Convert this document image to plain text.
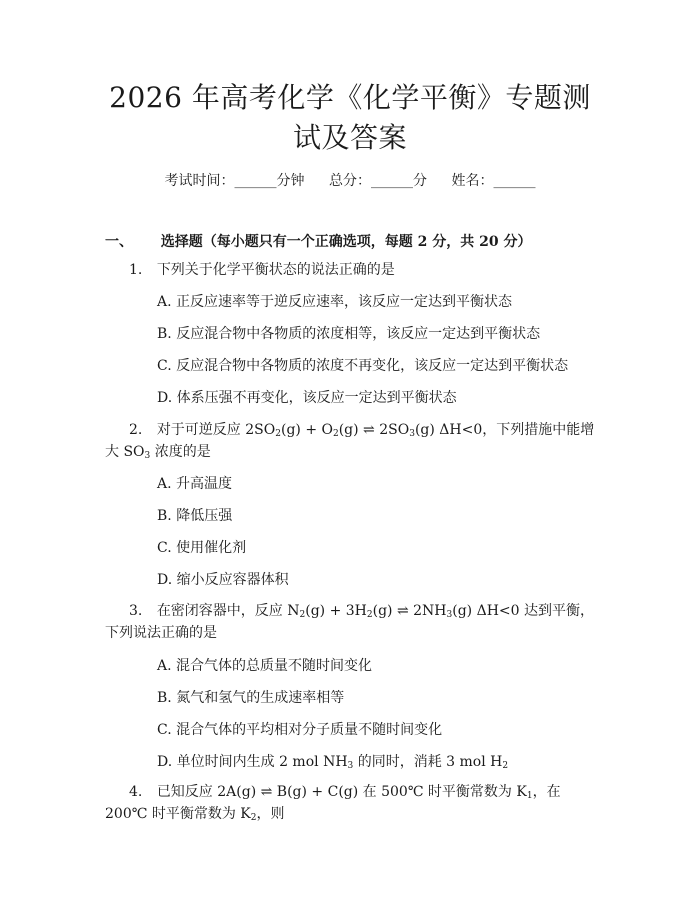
2026 年高考化学《化学平衡》专题测试及答案
考试时间：______分钟 总分：______分 姓名：______
一、 选择题（每小题只有一个正确选项，每题 2 分，共 20 分）
1. 下列关于化学平衡状态的说法正确的是
A. 正反应速率等于逆反应速率，该反应一定达到平衡状态
B. 反应混合物中各物质的浓度相等，该反应一定达到平衡状态
C. 反应混合物中各物质的浓度不再变化，该反应一定达到平衡状态
D. 体系压强不再变化，该反应一定达到平衡状态
2. 对于可逆反应 $2SO_2(g) + O_2(g)$ ⇌ $2SO_3(g)$ ΔH<0，下列措施中能增大 $SO_3$ 浓度的是
A. 升高温度
B. 降低压强
C. 使用催化剂
D. 缩小反应容器体积
3. 在密闭容器中，反应 $N_2(g) + 3H_2(g)$ ⇌ $2NH_3(g)$ ΔH<0 达到平衡，下列说法正确的是
A. 混合气体的总质量不随时间变化
B. 氮气和氢气的生成速率相等
C. 混合气体的平均相对分子质量不随时间变化
D. 单位时间内生成 2 mol $NH_3$ 的同时，消耗 3 mol $H_2$
4. 已知反应 2A(g) ⇌ B(g) + C(g) 在 500℃ 时平衡常数为 $K_1$，在 200℃ 时平衡常数为 $K_2$，则
